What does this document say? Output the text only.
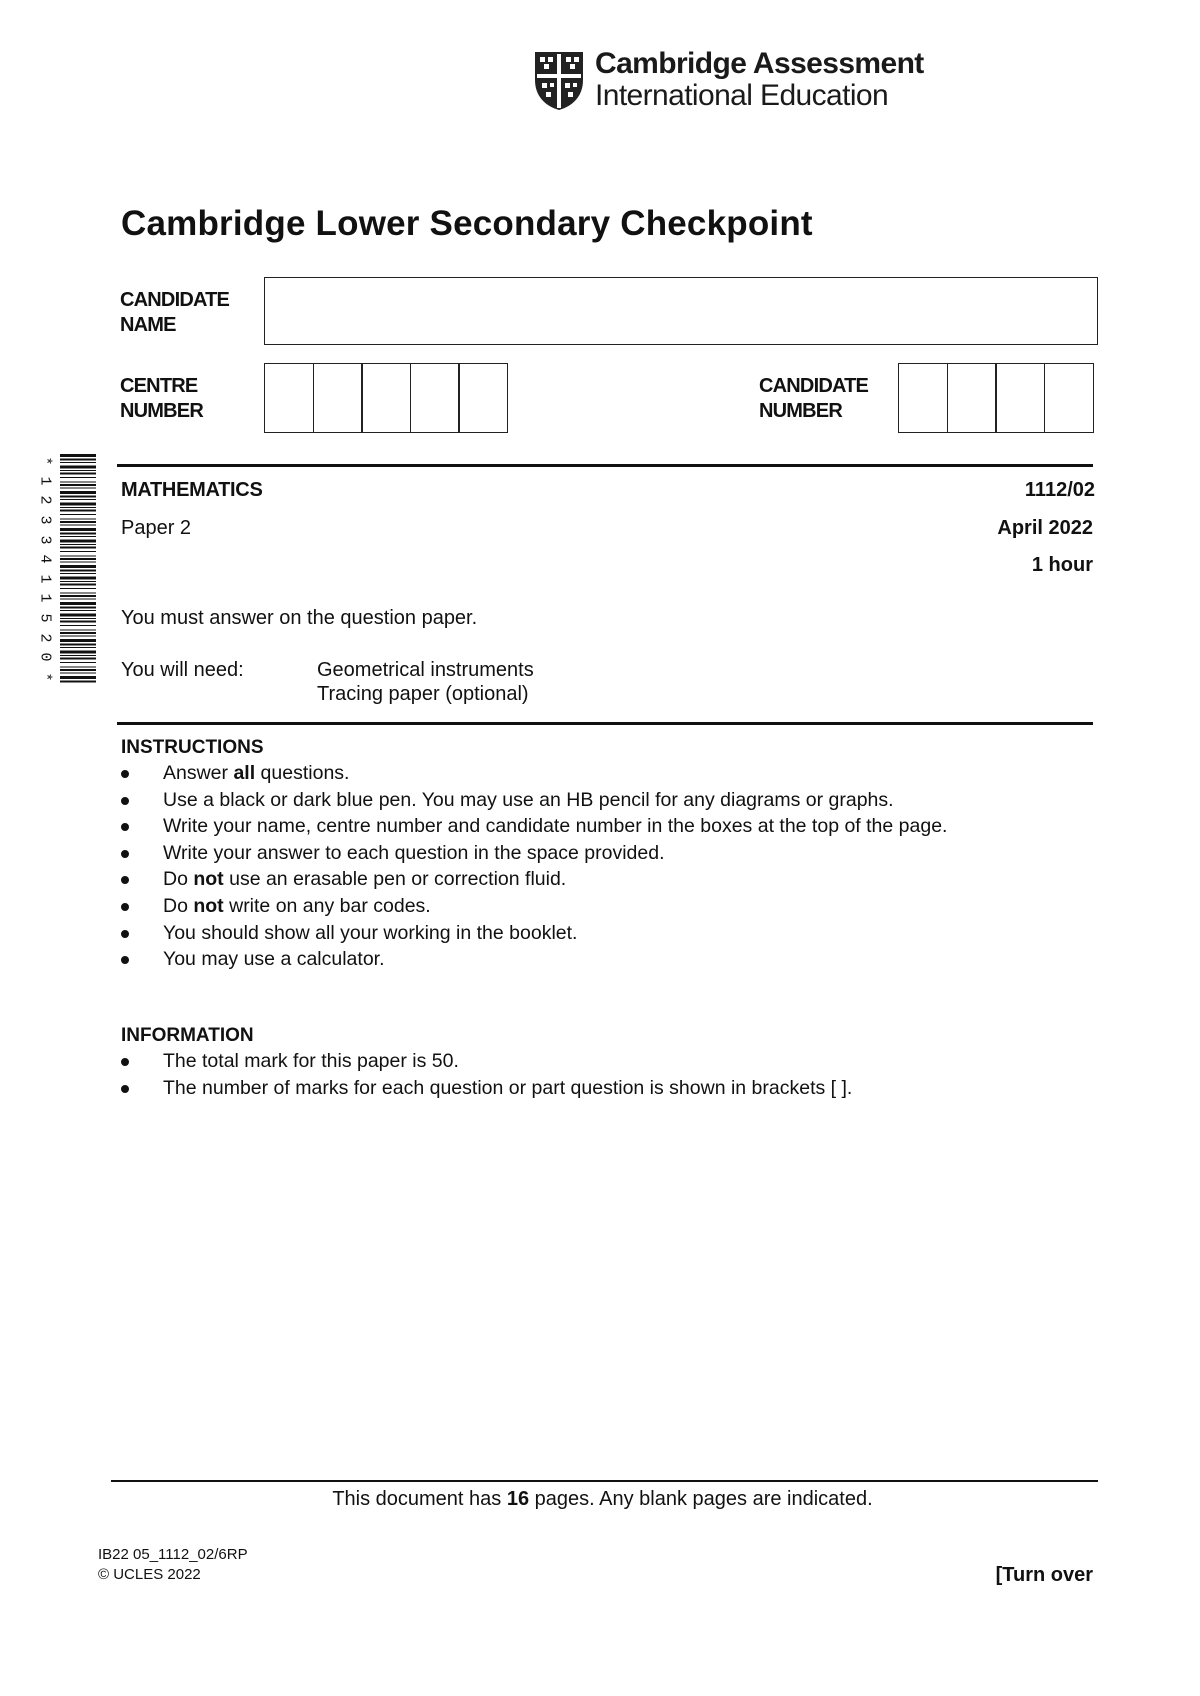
Cambridge Assessment
International Education
Cambridge Lower Secondary Checkpoint
CANDIDATE
NAME
CENTRE
NUMBER
CANDIDATE
NUMBER
*
1
2
3
3
4
1
1
5
2
0
*
MATHEMATICS	1112/02
Paper 2	April 2022
1 hour
You must answer on the question paper.
You will need:	Geometrical instruments
Tracing paper (optional)
INSTRUCTIONS
Answer all questions.
Use a black or dark blue pen. You may use an HB pencil for any diagrams or graphs.
Write your name, centre number and candidate number in the boxes at the top of the page.
Write your answer to each question in the space provided.
Do not use an erasable pen or correction fluid.
Do not write on any bar codes.
You should show all your working in the booklet.
You may use a calculator.
INFORMATION
The total mark for this paper is 50.
The number of marks for each question or part question is shown in brackets [ ].
This document has 16 pages. Any blank pages are indicated.
IB22 05_1112_02/6RP
© UCLES 2022	[Turn over
